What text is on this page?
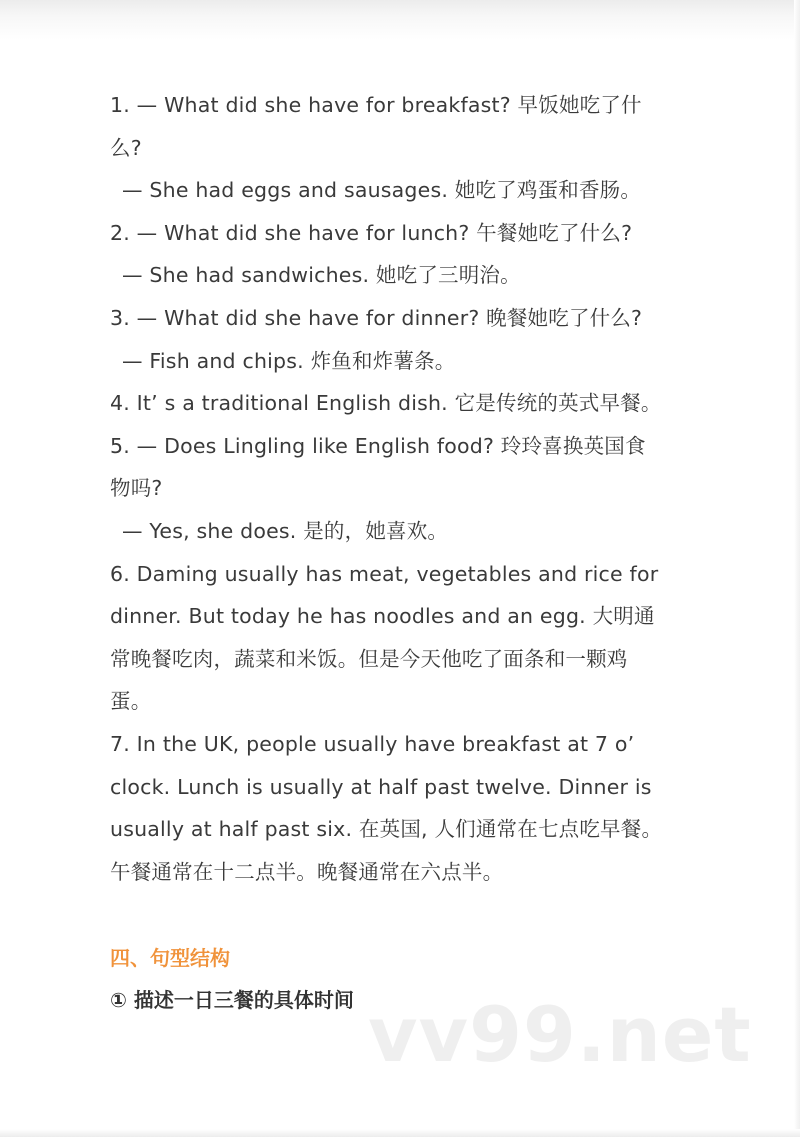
1. — What did she have for breakfast? 早饭她吃了什
么?
— She had eggs and sausages. 她吃了鸡蛋和香肠。
2. — What did she have for lunch? 午餐她吃了什么?
— She had sandwiches. 她吃了三明治。
3. — What did she have for dinner? 晚餐她吃了什么?
— Fish and chips. 炸鱼和炸薯条。
4. It’ s a traditional English dish. 它是传统的英式早餐。
5. — Does Lingling like English food? 玲玲喜换英国食
物吗?
— Yes, she does. 是的，她喜欢。
6. Daming usually has meat, vegetables and rice for
dinner. But today he has noodles and an egg. 大明通
常晚餐吃肉，蔬菜和米饭。但是今天他吃了面条和一颗鸡
蛋。
7. In the UK, people usually have breakfast at 7 o’
clock. Lunch is usually at half past twelve. Dinner is
usually at half past six. 在英国, 人们通常在七点吃早餐。
午餐通常在十二点半。晚餐通常在六点半。
四、句型结构
① 描述一日三餐的具体时间 vv99.net
